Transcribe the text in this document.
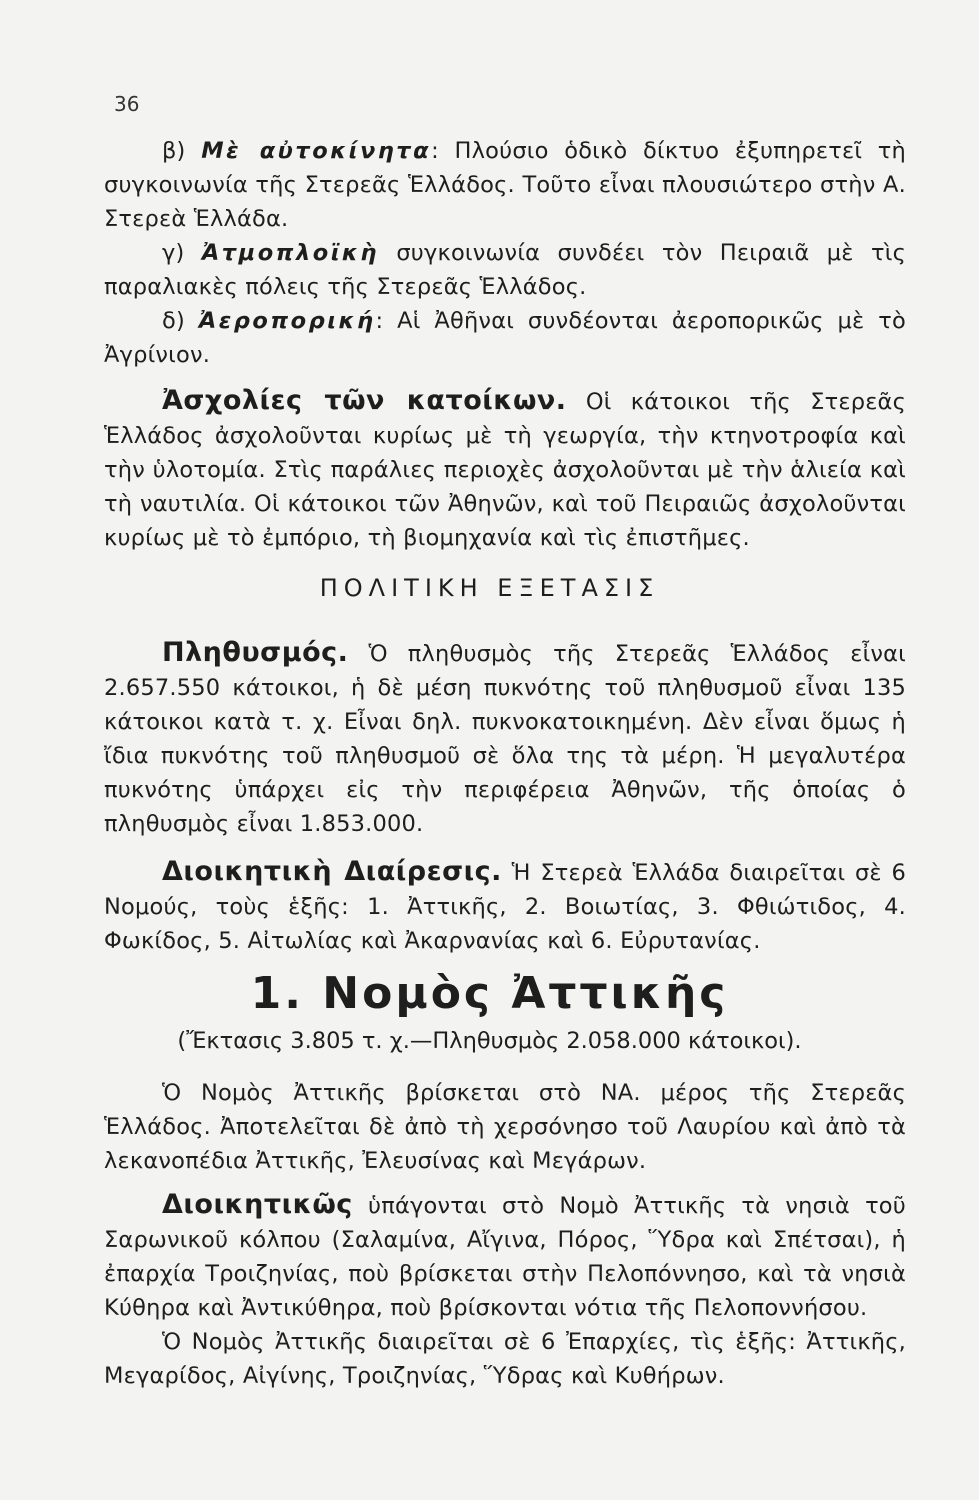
36

β) Μὲ αὐτοκίνητα: Πλούσιο ὁδικὸ δίκτυο ἐξυπηρετεῖ τὴ συγκοινωνία τῆς Στερεᾶς Ἑλλάδος. Τοῦτο εἶναι πλουσιώτερο στὴν Α. Στερεὰ Ἑλλάδα.

γ) Ἀτμοπλοϊκὴ συγκοινωνία συνδέει τὸν Πειραιᾶ μὲ τὶς παραλιακὲς πόλεις τῆς Στερεᾶς Ἑλλάδος.

δ) Ἀεροπορική: Αἱ Ἀθῆναι συνδέονται ἀεροπορικῶς μὲ τὸ Ἀγρίνιον.

Ἀσχολίες τῶν κατοίκων. Οἱ κάτοικοι τῆς Στερεᾶς Ἑλλάδος ἀσχολοῦνται κυρίως μὲ τὴ γεωργία, τὴν κτηνοτροφία καὶ τὴν ὑλοτομία. Στὶς παράλιες περιοχὲς ἀσχολοῦνται μὲ τὴν ἁλιεία καὶ τὴ ναυτιλία. Οἱ κάτοικοι τῶν Ἀθηνῶν, καὶ τοῦ Πειραιῶς ἀσχολοῦνται κυρίως μὲ τὸ ἐμπόριο, τὴ βιομηχανία καὶ τὶς ἐπιστῆμες.

ΠΟΛΙΤΙΚΗ ΕΞΕΤΑΣΙΣ

Πληθυσμός. Ὁ πληθυσμὸς τῆς Στερεᾶς Ἑλλάδος εἶναι 2.657.550 κάτοικοι, ἡ δὲ μέση πυκνότης τοῦ πληθυσμοῦ εἶναι 135 κάτοικοι κατὰ τ. χ. Εἶναι δηλ. πυκνοκατοικημένη. Δὲν εἶναι ὅμως ἡ ἴδια πυκνότης τοῦ πληθυσμοῦ σὲ ὅλα της τὰ μέρη. Ἡ μεγαλυτέρα πυκνότης ὑπάρχει εἰς τὴν περιφέρεια Ἀθηνῶν, τῆς ὁποίας ὁ πληθυσμὸς εἶναι 1.853.000.

Διοικητικὴ Διαίρεσις. Ἡ Στερεὰ Ἑλλάδα διαιρεῖται σὲ 6 Νομούς, τοὺς ἑξῆς: 1. Ἀττικῆς, 2. Βοιωτίας, 3. Φθιώτιδος, 4. Φωκίδος, 5. Αἰτωλίας καὶ Ἀκαρνανίας καὶ 6. Εὐρυτανίας.

1. Νομὸς Ἀττικῆς
(Ἔκτασις 3.805 τ. χ.—Πληθυσμὸς 2.058.000 κάτοικοι).

Ὁ Νομὸς Ἀττικῆς βρίσκεται στὸ ΝΑ. μέρος τῆς Στερεᾶς Ἑλλάδος. Ἀποτελεῖται δὲ ἀπὸ τὴ χερσόνησο τοῦ Λαυρίου καὶ ἀπὸ τὰ λεκανοπέδια Ἀττικῆς, Ἐλευσίνας καὶ Μεγάρων.

Διοικητικῶς ὑπάγονται στὸ Νομὸ Ἀττικῆς τὰ νησιὰ τοῦ Σαρωνικοῦ κόλπου (Σαλαμίνα, Αἴγινα, Πόρος, Ὕδρα καὶ Σπέτσαι), ἡ ἐπαρχία Τροιζηνίας, ποὺ βρίσκεται στὴν Πελοπόννησο, καὶ τὰ νησιὰ Κύθηρα καὶ Ἀντικύθηρα, ποὺ βρίσκονται νότια τῆς Πελοποννήσου.

Ὁ Νομὸς Ἀττικῆς διαιρεῖται σὲ 6 Ἐπαρχίες, τὶς ἑξῆς: Ἀττικῆς, Μεγαρίδος, Αἰγίνης, Τροιζηνίας, Ὕδρας καὶ Κυθήρων.
